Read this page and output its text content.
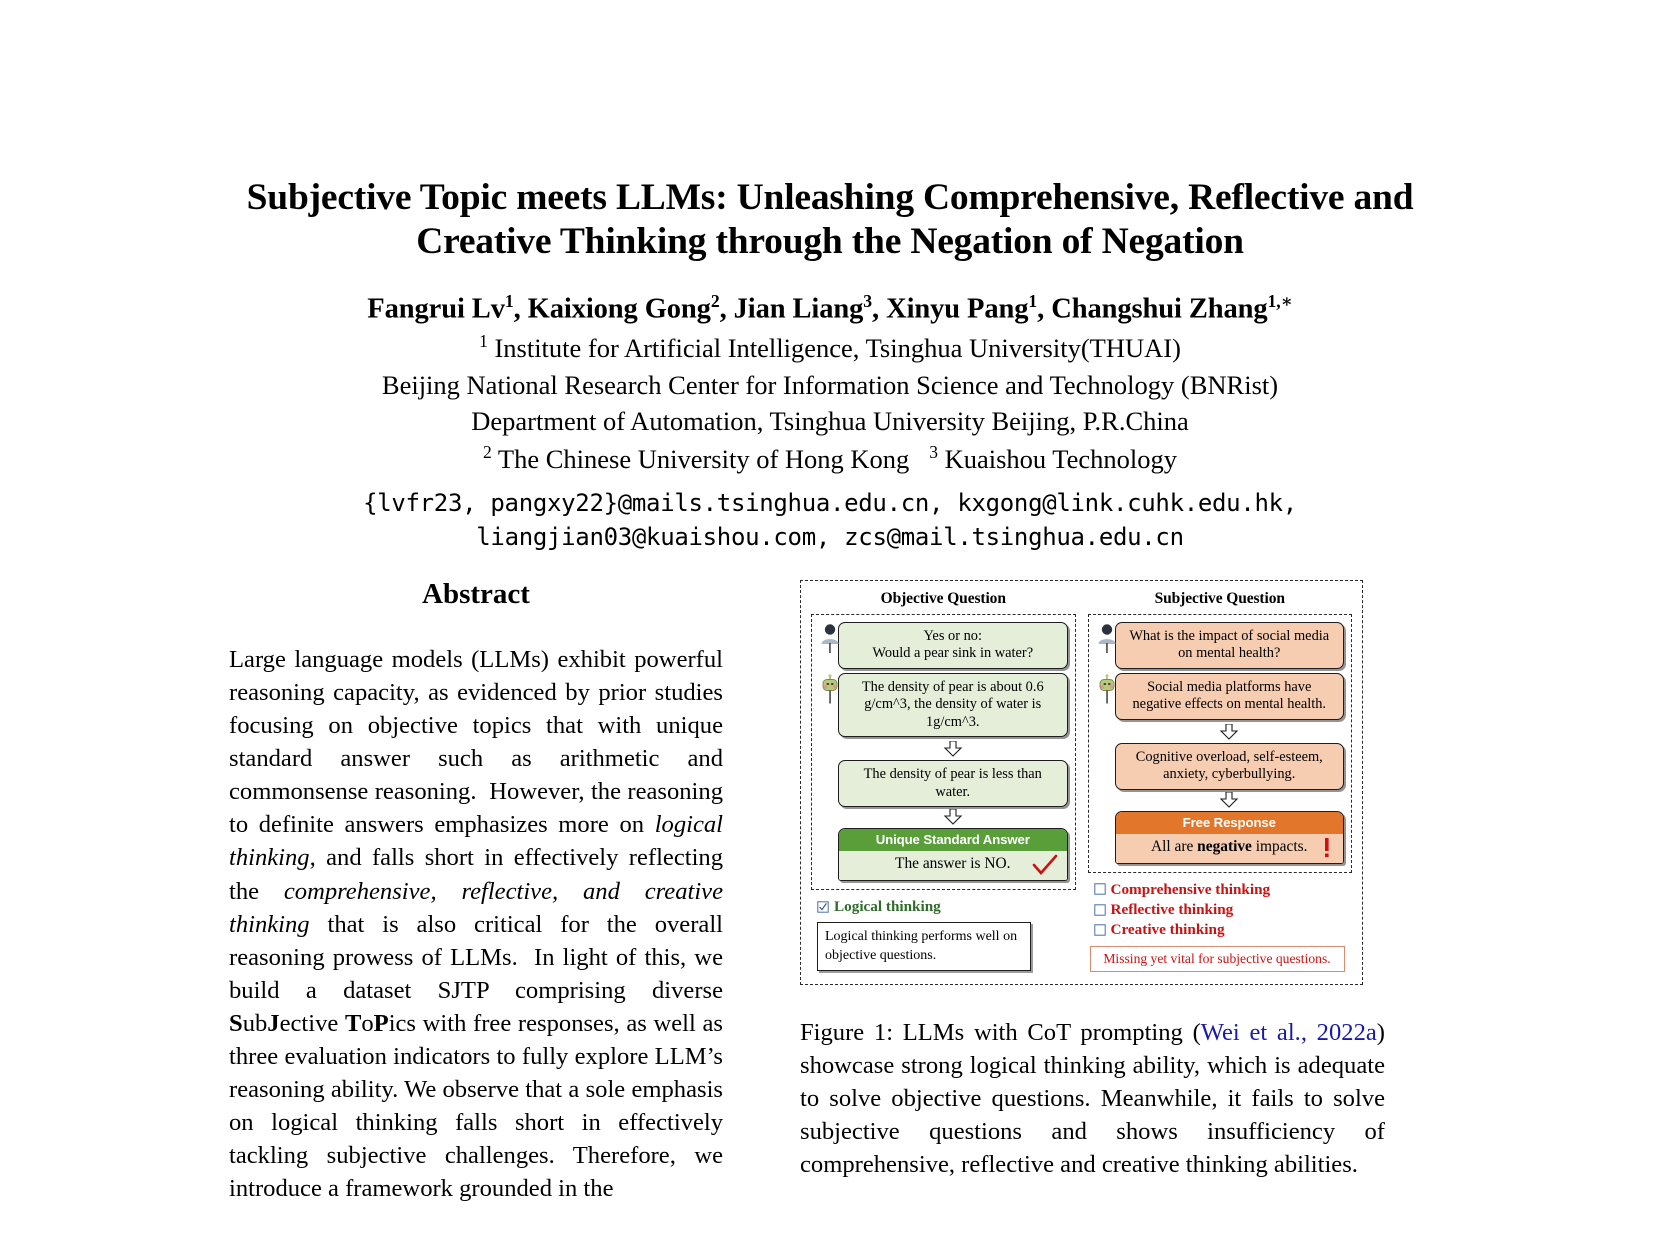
Subjective Topic meets LLMs: Unleashing Comprehensive, Reflective and
Creative Thinking through the Negation of Negation
Fangrui Lv$^1$, Kaixiong Gong$^2$, Jian Liang$^3$, Xinyu Pang$^1$, Changshui Zhang$^{1,∗}$
$^1$ Institute for Artificial Intelligence, Tsinghua University(THUAI)
Beijing National Research Center for Information Science and Technology (BNRist)
Department of Automation, Tsinghua University Beijing, P.R.China
$^2$ The Chinese University of Hong Kong   $^3$ Kuaishou Technology
{lvfr23, pangxy22}@mails.tsinghua.edu.cn, kxgong@link.cuhk.edu.hk,
liangjian03@kuaishou.com, zcs@mail.tsinghua.edu.cn
Abstract
Large language models (LLMs) exhibit powerful reasoning capacity, as evidenced by prior studies focusing on objective topics that with unique standard answer such as arithmetic and commonsense reasoning.  However, the reasoning to definite answers emphasizes more on logical thinking, and falls short in effectively reflecting the comprehensive, reflective, and creative thinking that is also critical for the overall reasoning prowess of LLMs.  In light of this, we build a dataset SJTP comprising diverse SubJective ToPics with free responses, as well as three evaluation indicators to fully explore LLM’s reasoning ability. We observe that a sole emphasis on logical thinking falls short in effectively tackling subjective challenges. Therefore, we introduce a framework grounded in the
Objective Question
Yes or no:
Would a pear sink in water?
The density of pear is about 0.6 g/cm^3, the density of water is 1g/cm^3.
The density of pear is less than water.
Unique Standard Answer
The answer is NO.
Logical thinking
Logical thinking performs well on objective questions.
Subjective Question
What is the impact of social media on mental health?
Social media platforms have negative effects on mental health.
Cognitive overload, self-esteem, anxiety, cyberbullying.
Free Response
All are negative impacts.
Comprehensive thinking
Reflective thinking
Creative thinking
Missing yet vital for subjective questions.
Figure 1: LLMs with CoT prompting (Wei et al., 2022a) showcase strong logical thinking ability, which is adequate to solve objective questions. Meanwhile, it fails to solve subjective questions and shows insufficiency of comprehensive, reflective and creative thinking abilities.
